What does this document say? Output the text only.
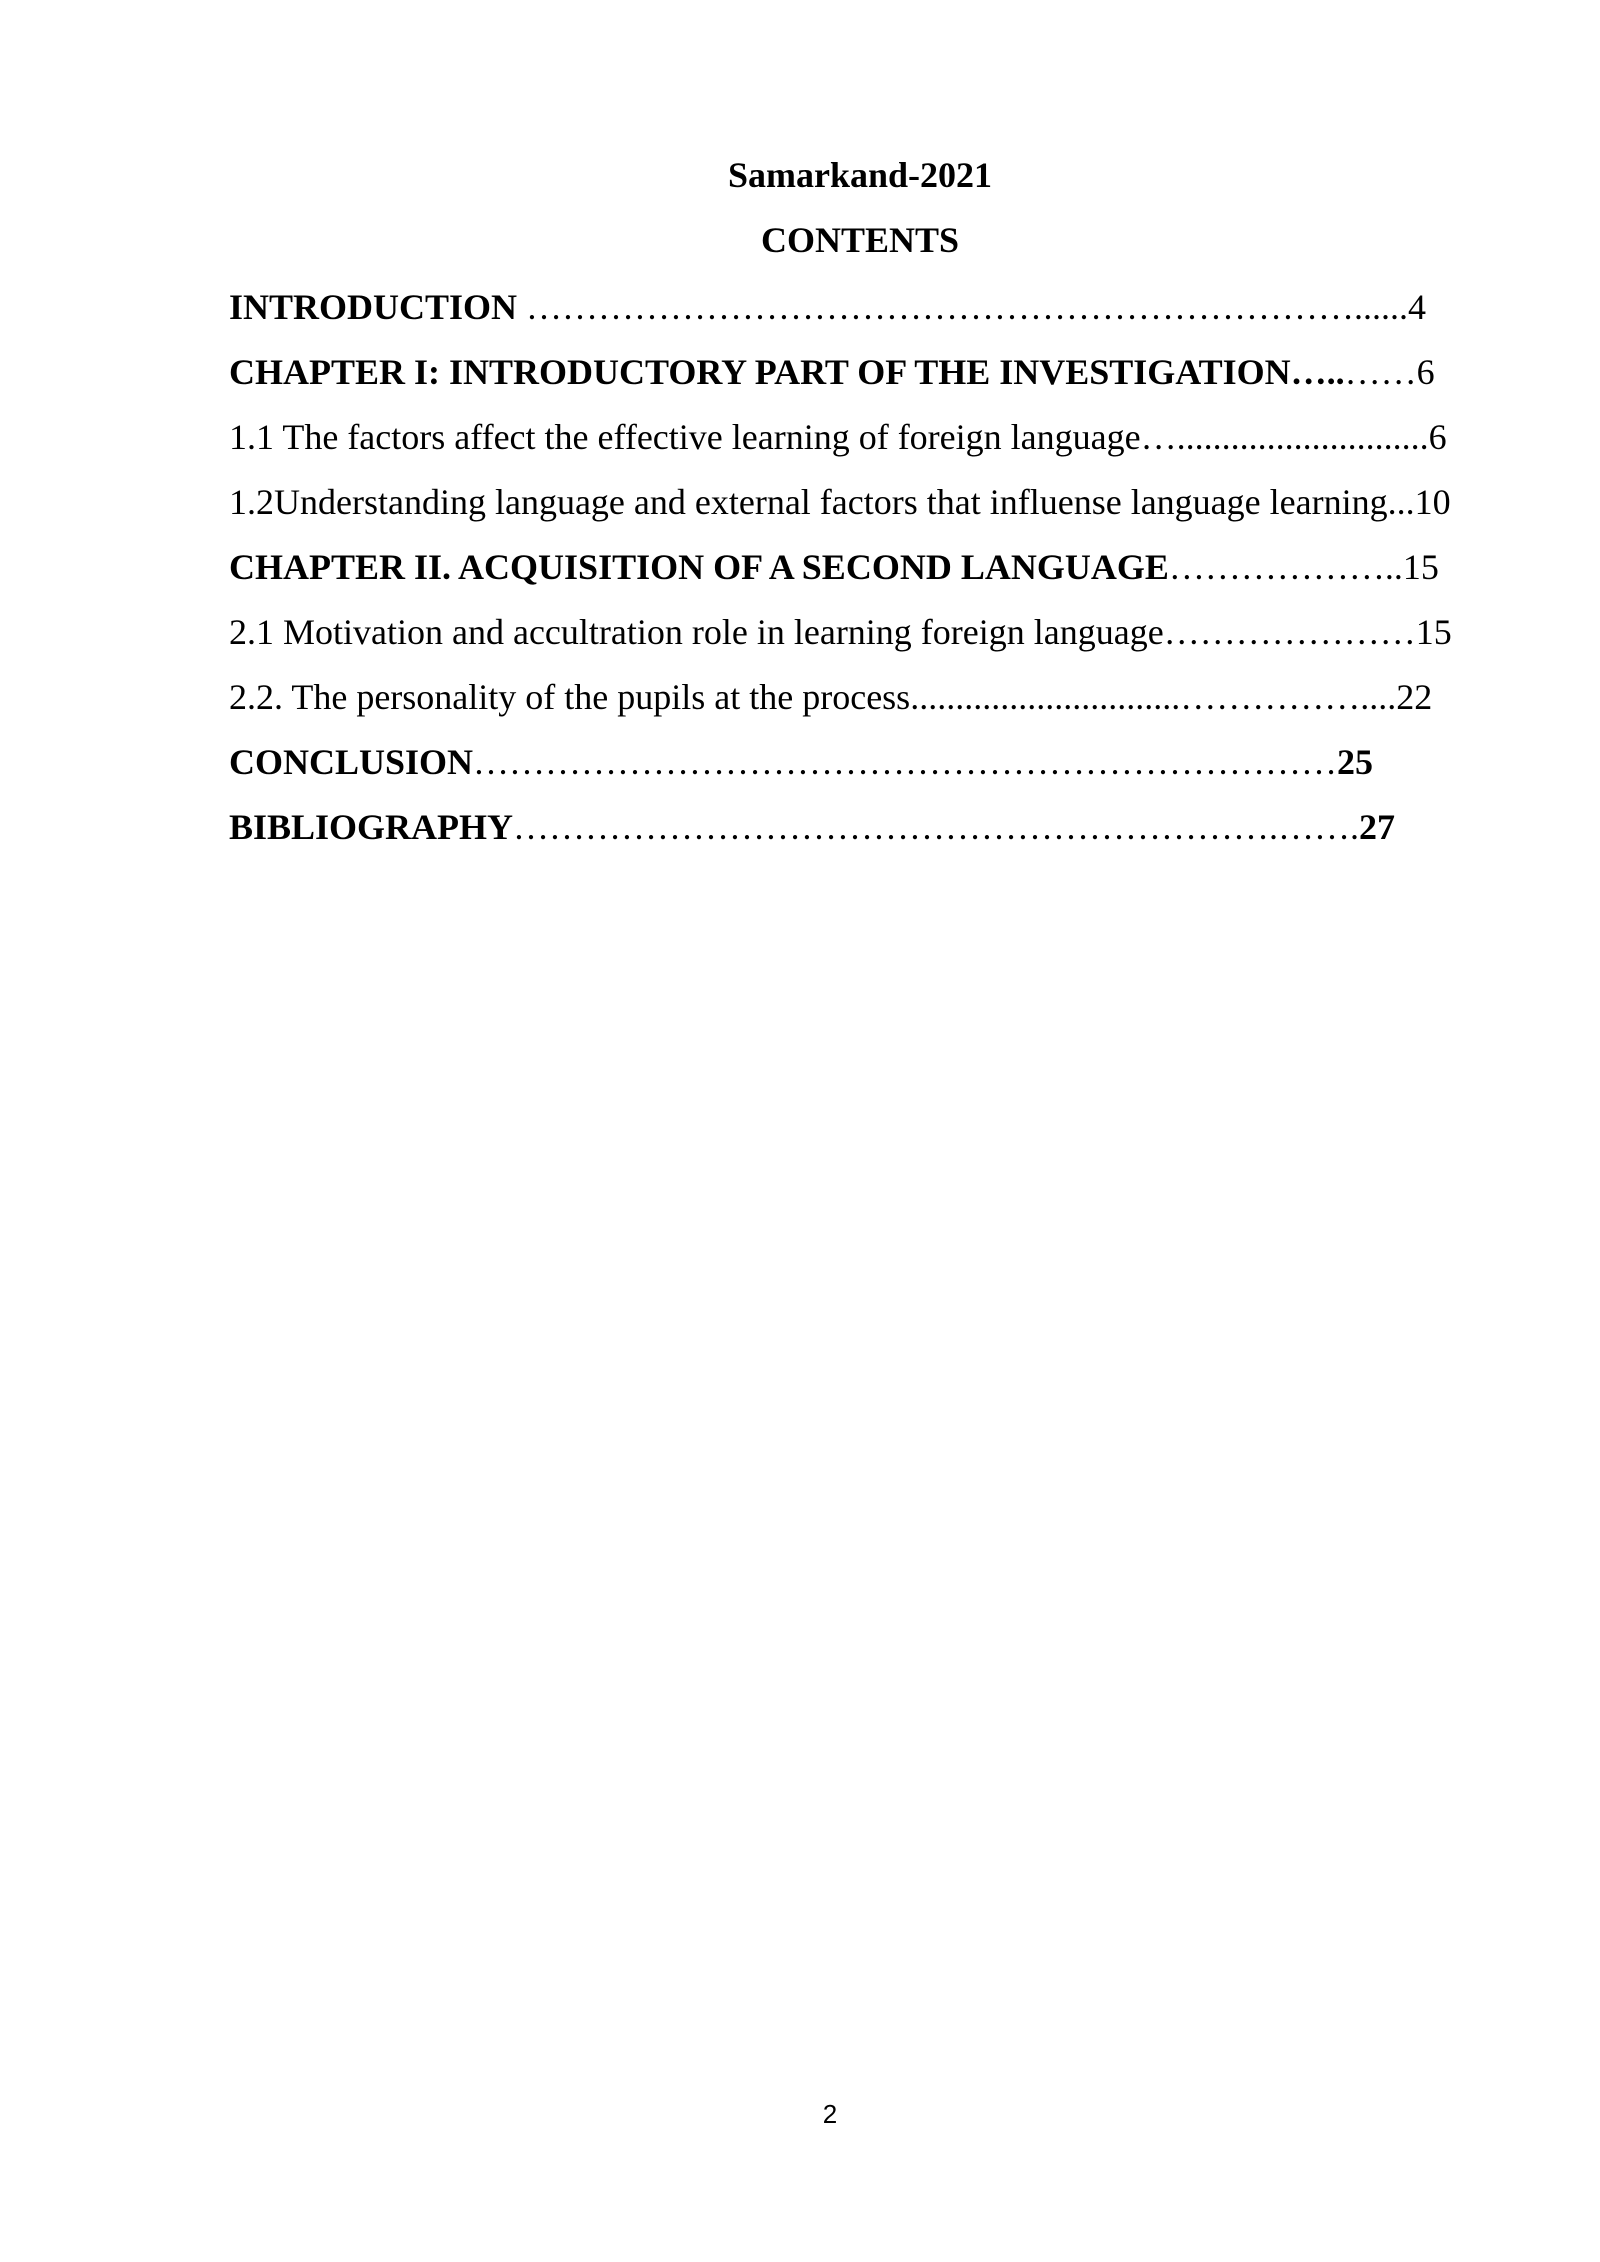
Samarkand-2021
CONTENTS
INTRODUCTION ……………………………………………………………......4
CHAPTER I: INTRODUCTORY PART OF THE INVESTIGATION…..……6
1.1 The factors affect the effective learning of foreign language…............................6
1.2Understanding language and external factors that influense language learning...10
CHAPTER II. ACQUISITION OF A SECOND LANGUAGE………………..15
2.1 Motivation and accultration role in learning foreign language…………………15
2.2. The personality of the pupils at the process..............................……………....22
CONCLUSION………………………………………………………………25
BIBLIOGRAPHY……………………………………………………….…….27
2
